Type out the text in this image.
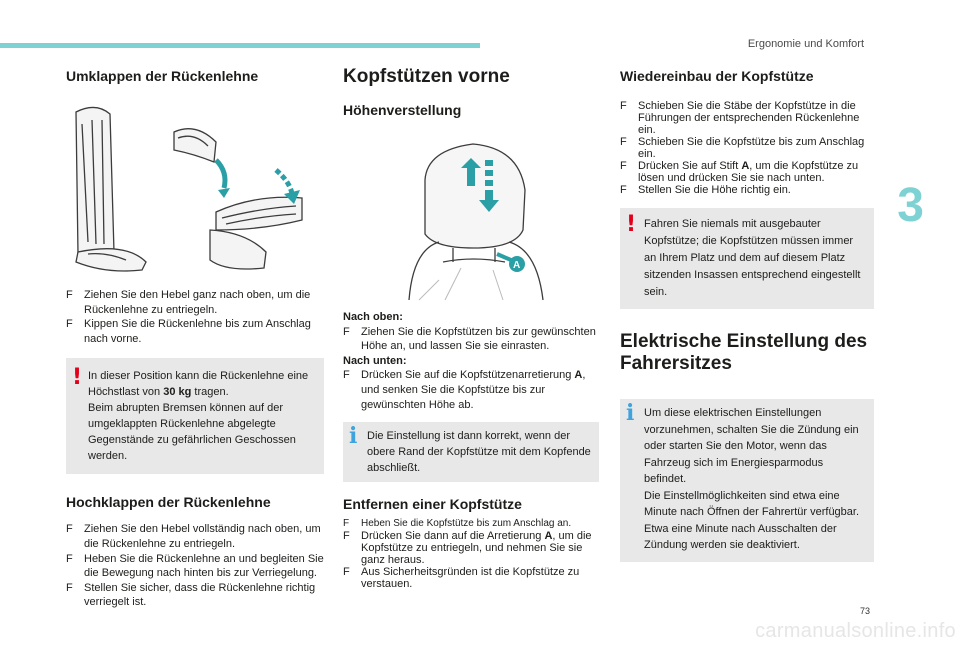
Ergonomie und Komfort
3
73
carmanualsonline.info
Umklappen der Rückenlehne
F Ziehen Sie den Hebel ganz nach oben, um die Rückenlehne zu entriegeln.
F Kippen Sie die Rückenlehne bis zum Anschlag nach vorne.
! In dieser Position kann die Rückenlehne eine Höchstlast von 30 kg tragen.
Beim abrupten Bremsen können auf der umgeklappten Rückenlehne abgelegte Gegenstände zu gefährlichen Geschossen werden.
Hochklappen der Rückenlehne
F Ziehen Sie den Hebel vollständig nach oben, um die Rückenlehne zu entriegeln.
F Heben Sie die Rückenlehne an und begleiten Sie die Bewegung nach hinten bis zur Verriegelung.
F Stellen Sie sicher, dass die Rückenlehne richtig verriegelt ist.
Kopfstützen vorne
Höhenverstellung
A
Nach oben:
F Ziehen Sie die Kopfstützen bis zur gewünschten Höhe an, und lassen Sie sie einrasten.
Nach unten:
F Drücken Sie auf die Kopfstützenarretierung A, und senken Sie die Kopfstütze bis zur gewünschten Höhe ab.
i Die Einstellung ist dann korrekt, wenn der obere Rand der Kopfstütze mit dem Kopfende abschließt.
Entfernen einer Kopfstütze
F Heben Sie die Kopfstütze bis zum Anschlag an.
F Drücken Sie dann auf die Arretierung A, um die Kopfstütze zu entriegeln, und nehmen Sie sie ganz heraus.
F Aus Sicherheitsgründen ist die Kopfstütze zu verstauen.
Wiedereinbau der Kopfstütze
F Schieben Sie die Stäbe der Kopfstütze in die Führungen der entsprechenden Rückenlehne ein.
F Schieben Sie die Kopfstütze bis zum Anschlag ein.
F Drücken Sie auf Stift A, um die Kopfstütze zu lösen und drücken Sie sie nach unten.
F Stellen Sie die Höhe richtig ein.
! Fahren Sie niemals mit ausgebauter Kopfstütze; die Kopfstützen müssen immer an Ihrem Platz und dem auf diesem Platz sitzenden Insassen entsprechend eingestellt sein.
Elektrische Einstellung des Fahrersitzes
i Um diese elektrischen Einstellungen vorzunehmen, schalten Sie die Zündung ein oder starten Sie den Motor, wenn das Fahrzeug sich im Energiesparmodus befindet.
Die Einstellmöglichkeiten sind etwa eine Minute nach Öffnen der Fahrertür verfügbar. Etwa eine Minute nach Ausschalten der Zündung werden sie deaktiviert.
